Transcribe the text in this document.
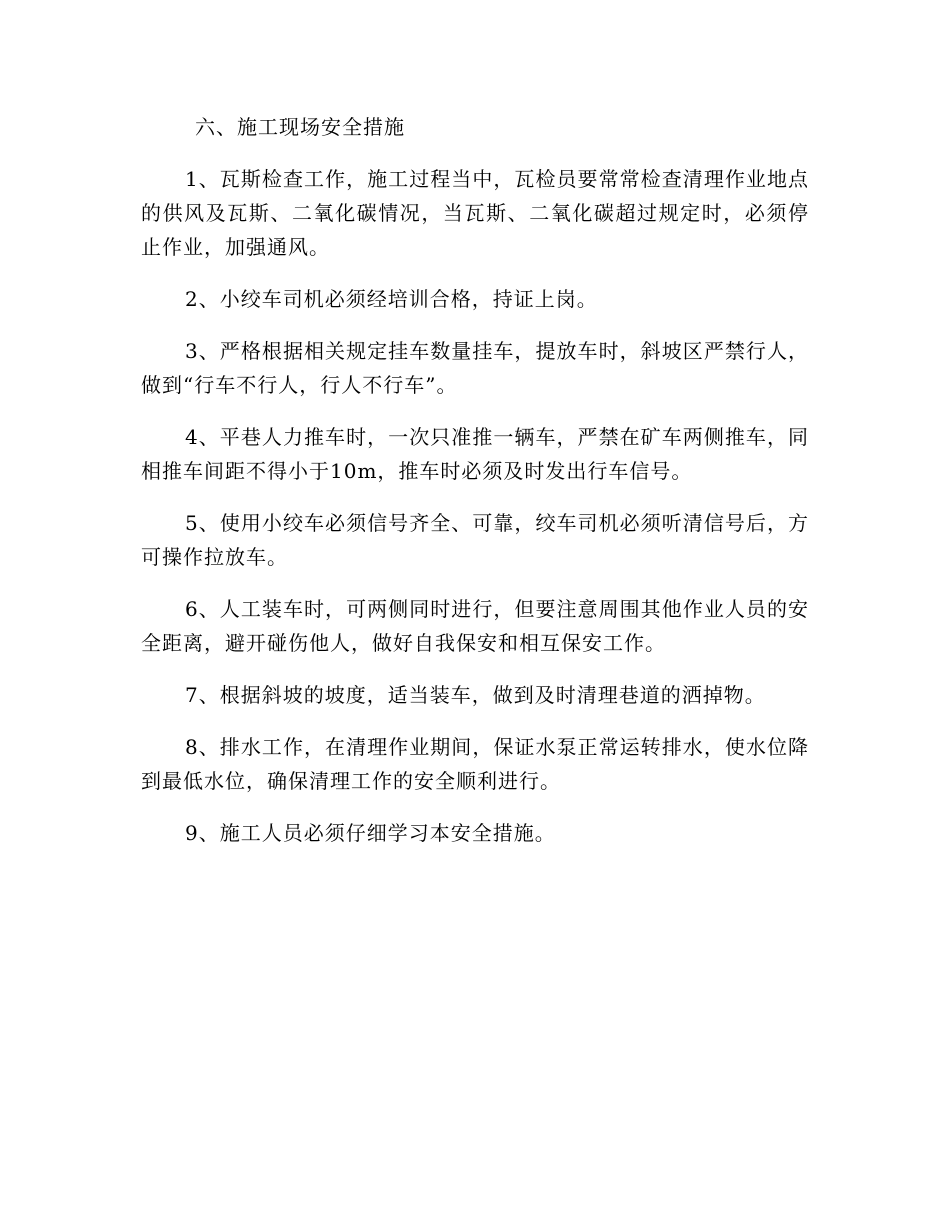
六、施工现场安全措施

1、瓦斯检查工作，施工过程当中，瓦检员要常常检查清理作业地点的供风及瓦斯、二氧化碳情况，当瓦斯、二氧化碳超过规定时，必须停止作业，加强通风。

2、小绞车司机必须经培训合格，持证上岗。

3、严格根据相关规定挂车数量挂车，提放车时，斜坡区严禁行人，做到“行车不行人，行人不行车”。

4、平巷人力推车时，一次只准推一辆车，严禁在矿车两侧推车，同相推车间距不得小于10m，推车时必须及时发出行车信号。

5、使用小绞车必须信号齐全、可靠，绞车司机必须听清信号后，方可操作拉放车。

6、人工装车时，可两侧同时进行，但要注意周围其他作业人员的安全距离，避开碰伤他人，做好自我保安和相互保安工作。

7、根据斜坡的坡度，适当装车，做到及时清理巷道的洒掉物。

8、排水工作，在清理作业期间，保证水泵正常运转排水，使水位降到最低水位，确保清理工作的安全顺利进行。

9、施工人员必须仔细学习本安全措施。
